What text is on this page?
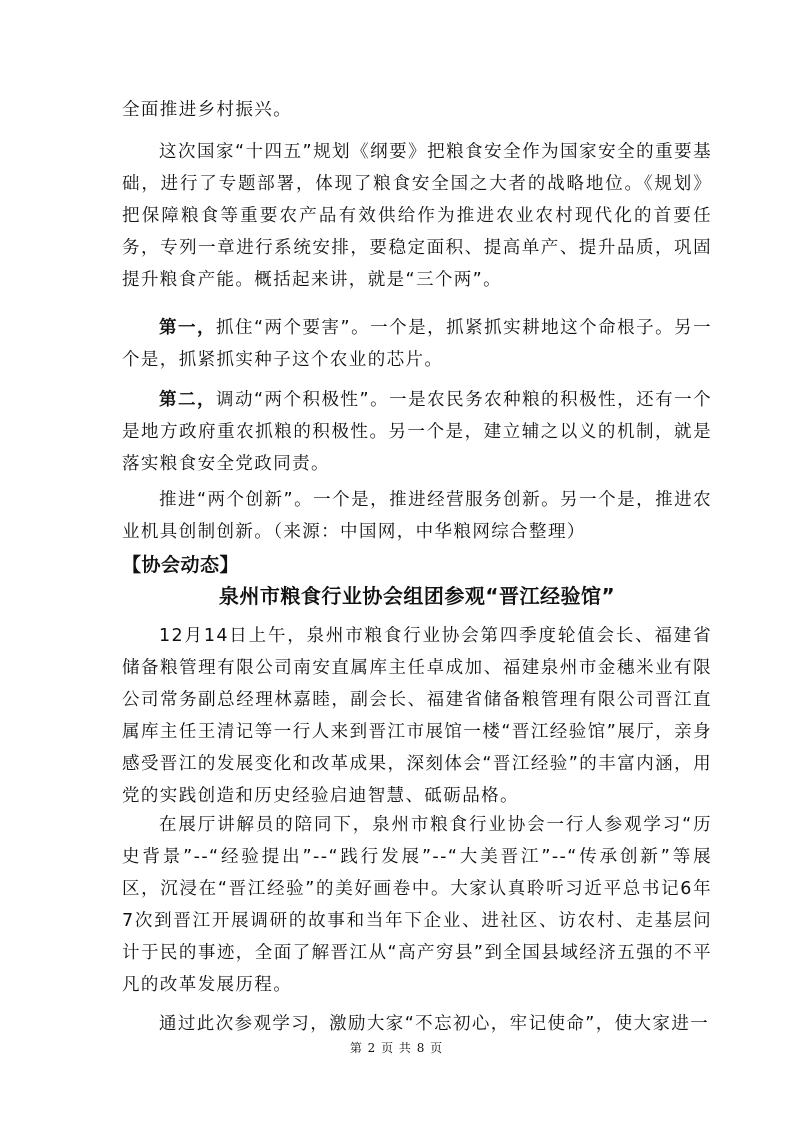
全面推进乡村振兴。
这次国家“十四五”规划《纲要》把粮食安全作为国家安全的重要基础，进行了专题部署，体现了粮食安全国之大者的战略地位。《规划》把保障粮食等重要农产品有效供给作为推进农业农村现代化的首要任务，专列一章进行系统安排，要稳定面积、提高单产、提升品质，巩固提升粮食产能。概括起来讲，就是“三个两”。
第一，抓住“两个要害”。一个是，抓紧抓实耕地这个命根子。另一个是，抓紧抓实种子这个农业的芯片。
第二，调动“两个积极性”。一是农民务农种粮的积极性，还有一个是地方政府重农抓粮的积极性。另一个是，建立辅之以义的机制，就是落实粮食安全党政同责。
推进“两个创新”。一个是，推进经营服务创新。另一个是，推进农业机具创制创新。（来源：中国网，中华粮网综合整理）
【协会动态】
泉州市粮食行业协会组团参观“晋江经验馆”
12月14日上午，泉州市粮食行业协会第四季度轮值会长、福建省储备粮管理有限公司南安直属库主任卓成加、福建泉州市金穗米业有限公司常务副总经理林嘉睦，副会长、福建省储备粮管理有限公司晋江直属库主任王清记等一行人来到晋江市展馆一楼“晋江经验馆”展厅，亲身感受晋江的发展变化和改革成果，深刻体会“晋江经验”的丰富内涵，用党的实践创造和历史经验启迪智慧、砥砺品格。
在展厅讲解员的陪同下，泉州市粮食行业协会一行人参观学习“历史背景”--“经验提出”--“践行发展”--“大美晋江”--“传承创新”等展区，沉浸在“晋江经验”的美好画卷中。大家认真聆听习近平总书记6年7次到晋江开展调研的故事和当年下企业、进社区、访农村、走基层问计于民的事迹，全面了解晋江从“高产穷县”到全国县域经济五强的不平凡的改革发展历程。
通过此次参观学习，激励大家“不忘初心，牢记使命”，使大家进一
第 2 页 共 8 页
